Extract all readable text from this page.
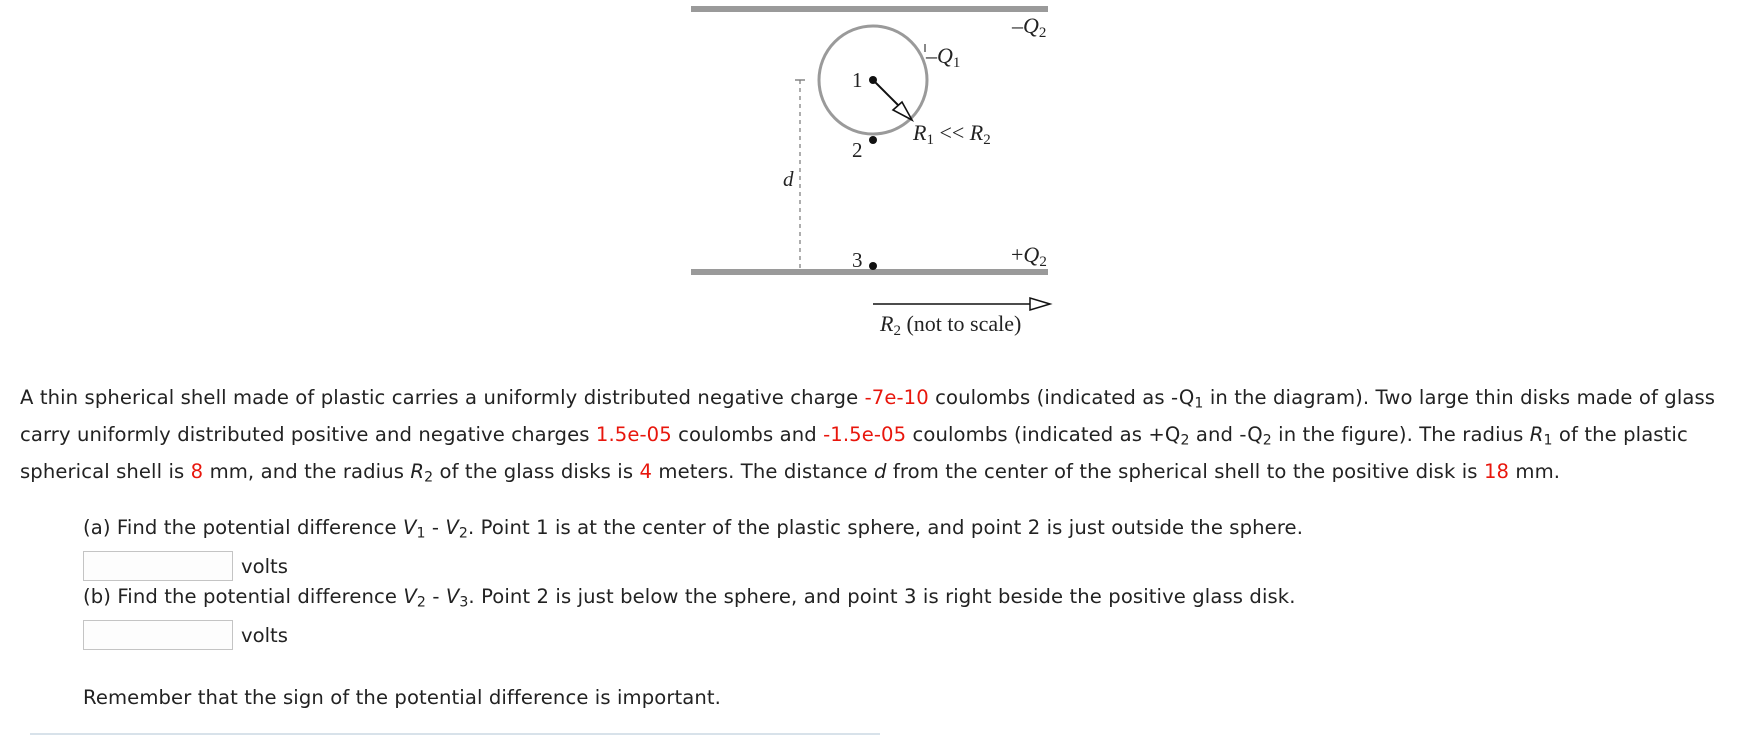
1
2
3
d
–Q1
–Q2
+Q2
R1 << R2
R2 (not to scale)
A thin spherical shell made of plastic carries a uniformly distributed negative charge -7e-10 coulombs (indicated as $-Q_1$ in the diagram). Two large thin disks made of glass carry uniformly distributed positive and negative charges 1.5e-05 coulombs and -1.5e-05 coulombs (indicated as $+Q_2$ and $-Q_2$ in the figure). The radius $R_1$ of the plastic spherical shell is 8 mm, and the radius $R_2$ of the glass disks is 4 meters. The distance d from the center of the spherical shell to the positive disk is 18 mm.
(a) Find the potential difference $V_1 - V_2$. Point 1 is at the center of the plastic sphere, and point 2 is just outside the sphere.
volts
(b) Find the potential difference $V_2 - V_3$. Point 2 is just below the sphere, and point 3 is right beside the positive glass disk.
volts
Remember that the sign of the potential difference is important.
